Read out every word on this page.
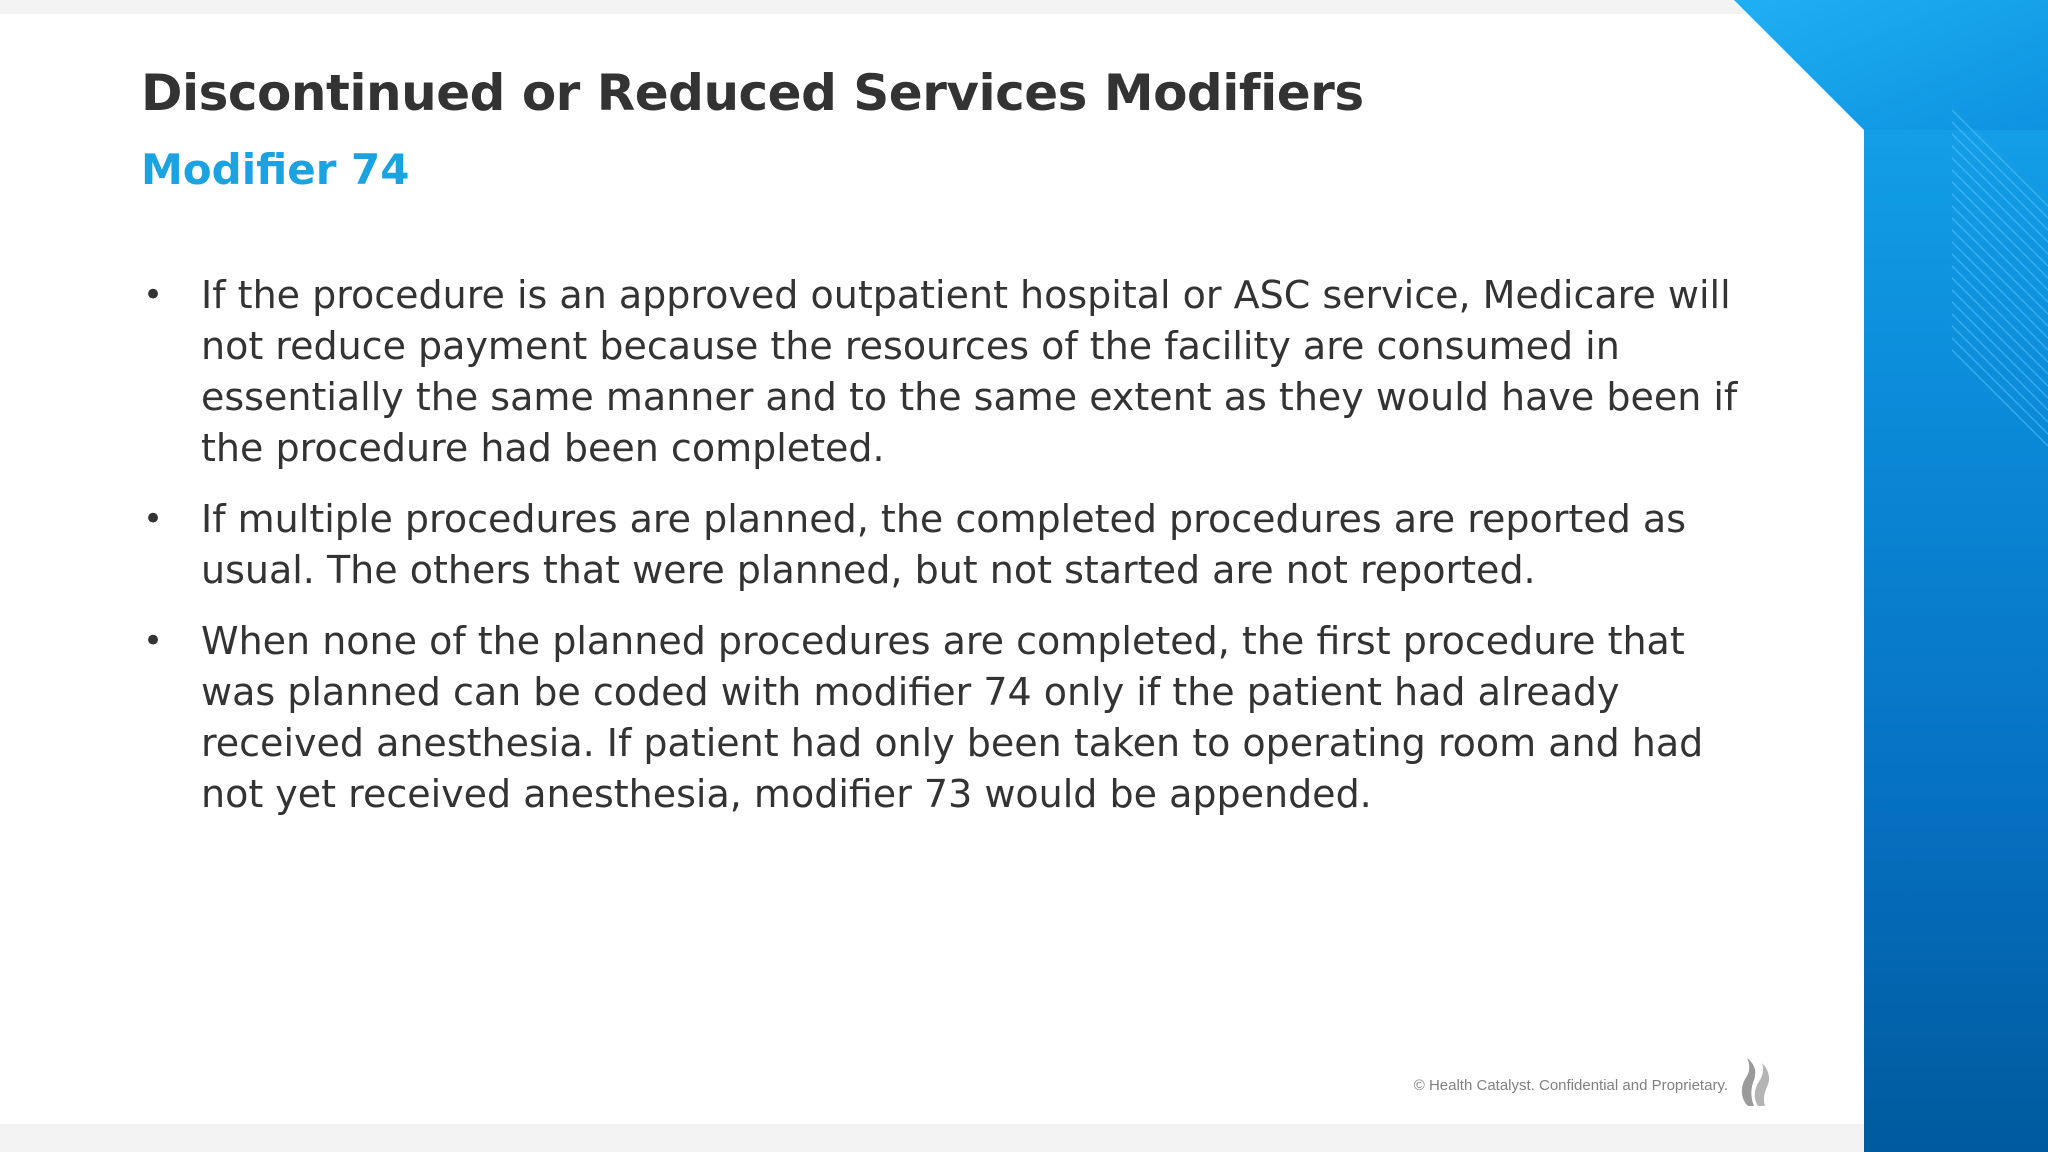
Discontinued or Reduced Services Modifiers
Modifier 74
• If the procedure is an approved outpatient hospital or ASC service, Medicare will not reduce payment because the resources of the facility are consumed in essentially the same manner and to the same extent as they would have been if the procedure had been completed.
• If multiple procedures are planned, the completed procedures are reported as usual. The others that were planned, but not started are not reported.
• When none of the planned procedures are completed, the first procedure that was planned can be coded with modifier 74 only if the patient had already received anesthesia. If patient had only been taken to operating room and had not yet received anesthesia, modifier 73 would be appended.
© Health Catalyst. Confidential and Proprietary.
